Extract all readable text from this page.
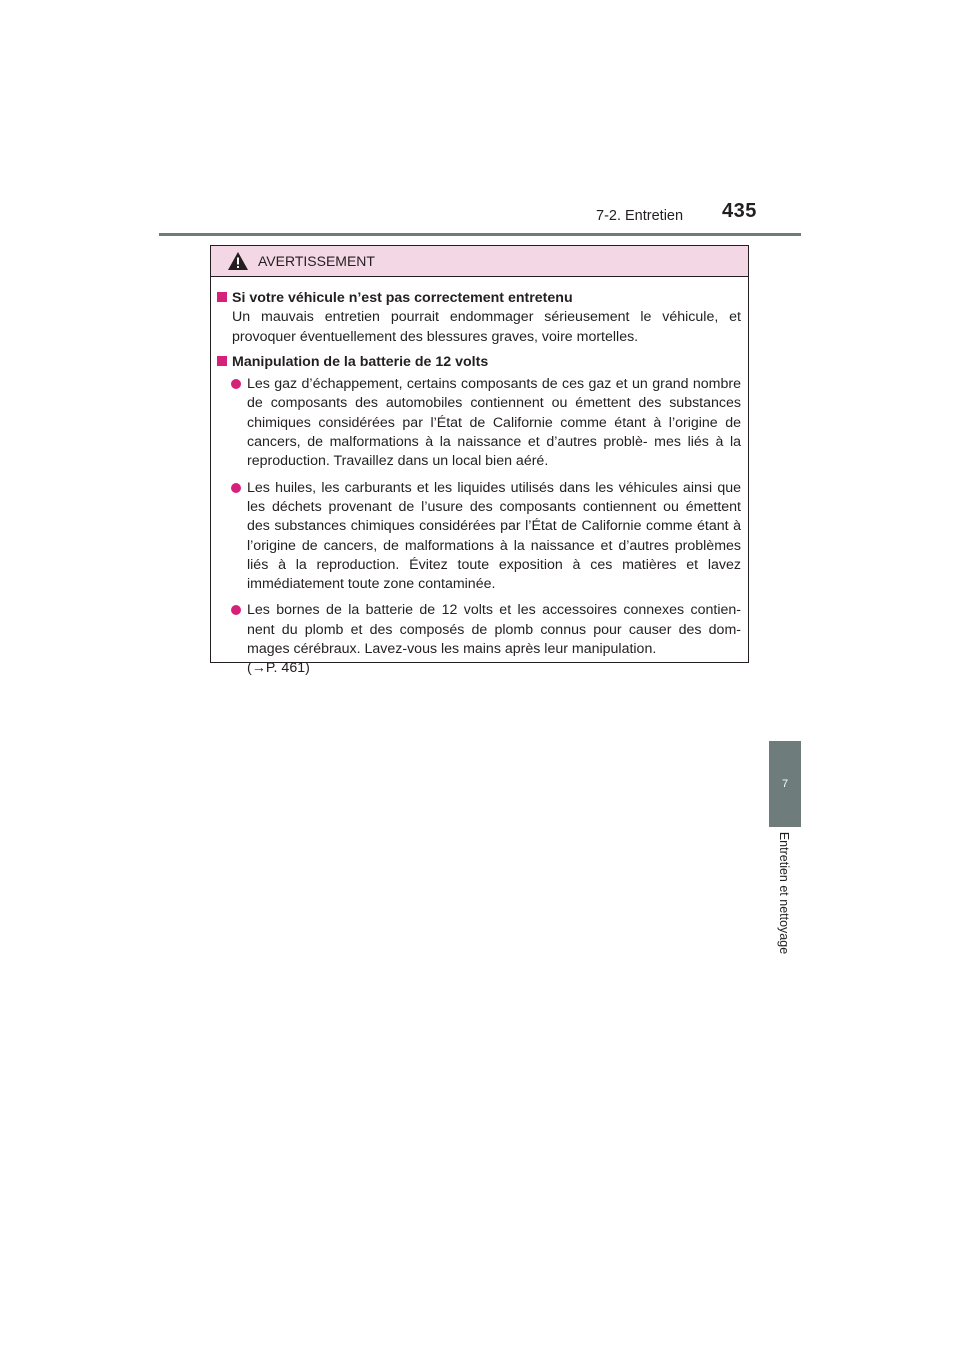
7-2. Entretien 435
7
Entretien et nettoyage
AVERTISSEMENT
Si votre véhicule n’est pas correctement entretenu
Un mauvais entretien pourrait endommager sérieusement le véhicule, et provoquer éventuellement des blessures graves, voire mortelles.
Manipulation de la batterie de 12 volts
Les gaz d’échappement, certains composants de ces gaz et un grand nombre de composants des automobiles contiennent ou émettent des substances chimiques considérées par l’État de Californie comme étant à l’origine de cancers, de malformations à la naissance et d’autres problè- mes liés à la reproduction. Travaillez dans un local bien aéré.
Les huiles, les carburants et les liquides utilisés dans les véhicules ainsi que les déchets provenant de l’usure des composants contiennent ou émettent des substances chimiques considérées par l’État de Californie comme étant à l’origine de cancers, de malformations à la naissance et d’autres problèmes liés à la reproduction. Évitez toute exposition à ces matières et lavez immédiatement toute zone contaminée.
Les bornes de la batterie de 12 volts et les accessoires connexes contien- nent du plomb et des composés de plomb connus pour causer des dom- mages cérébraux. Lavez-vous les mains après leur manipulation.
(→P. 461)
